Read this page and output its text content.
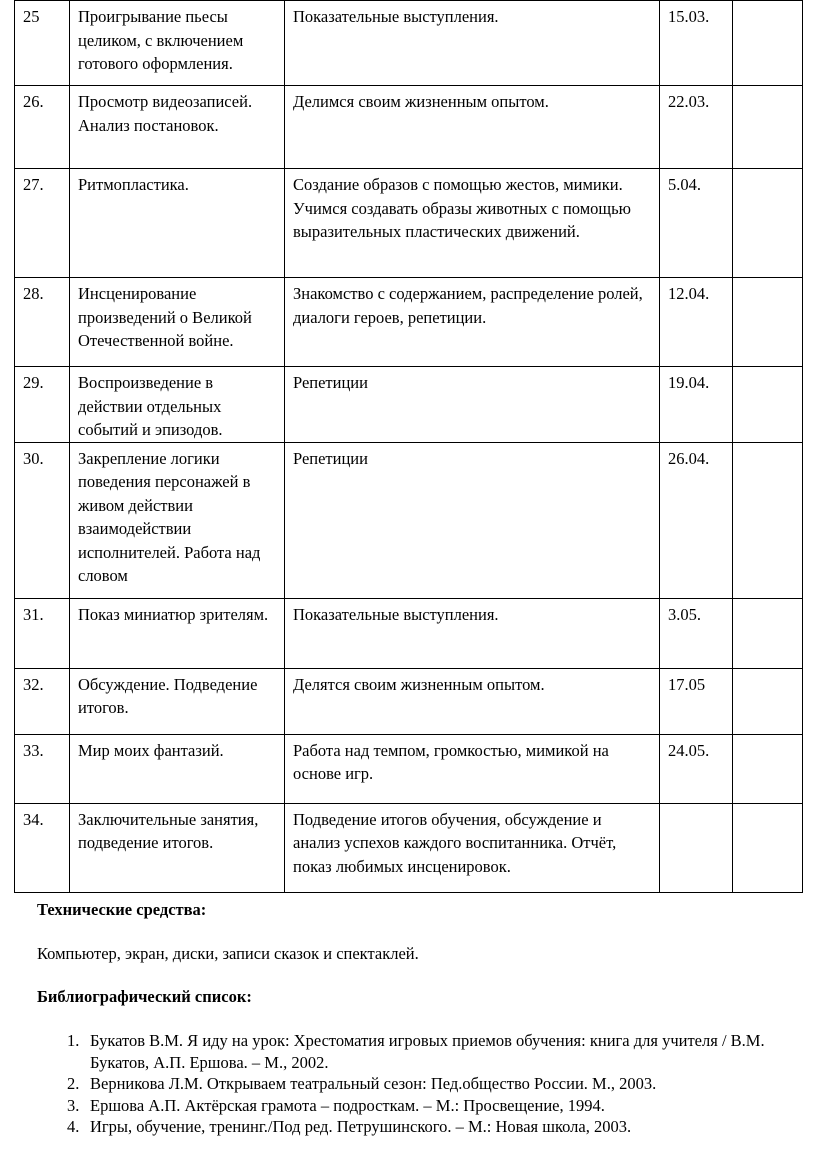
25	Проигрывание пьесы целиком, с включением готового оформления.	Показательные выступления.	15.03.	
26.	Просмотр видеозаписей. Анализ постановок.	Делимся своим жизненным опытом.	22.03.	
27.	Ритмопластика.	Создание образов с помощью жестов, мимики. Учимся создавать образы животных с помощью выразительных пластических движений.	5.04.	
28.	Инсценирование произведений о Великой Отечественной войне.	Знакомство с содержанием, распределение ролей, диалоги героев, репетиции.	12.04.	
29.	Воспроизведение в действии отдельных событий и эпизодов.	Репетиции	19.04.	
30.	Закрепление логики поведения персонажей в живом действии взаимодействии исполнителей. Работа над словом	Репетиции	26.04.	
31.	Показ миниатюр зрителям.	Показательные выступления.	3.05.	
32.	Обсуждение. Подведение итогов.	Делятся своим жизненным опытом.	17.05	
33.	Мир моих фантазий.	Работа над темпом, громкостью, мимикой на основе игр.	24.05.	
34.	Заключительные занятия, подведение итогов.	Подведение итогов обучения, обсуждение и анализ успехов каждого воспитанника. Отчёт, показ любимых инсценировок.		

Технические средства:

Компьютер, экран, диски, записи сказок и спектаклей.

Библиографический список:

1. Букатов В.М. Я иду на урок: Хрестоматия игровых приемов обучения: книга для учителя / В.М. Букатов, А.П. Ершова. – М., 2002.
2. Верникова Л.М. Открываем театральный сезон: Пед.общество России. М., 2003.
3. Ершова А.П. Актёрская грамота – подросткам. – М.: Просвещение, 1994.
4. Игры, обучение, тренинг./Под ред. Петрушинского. – М.: Новая школа, 2003.
